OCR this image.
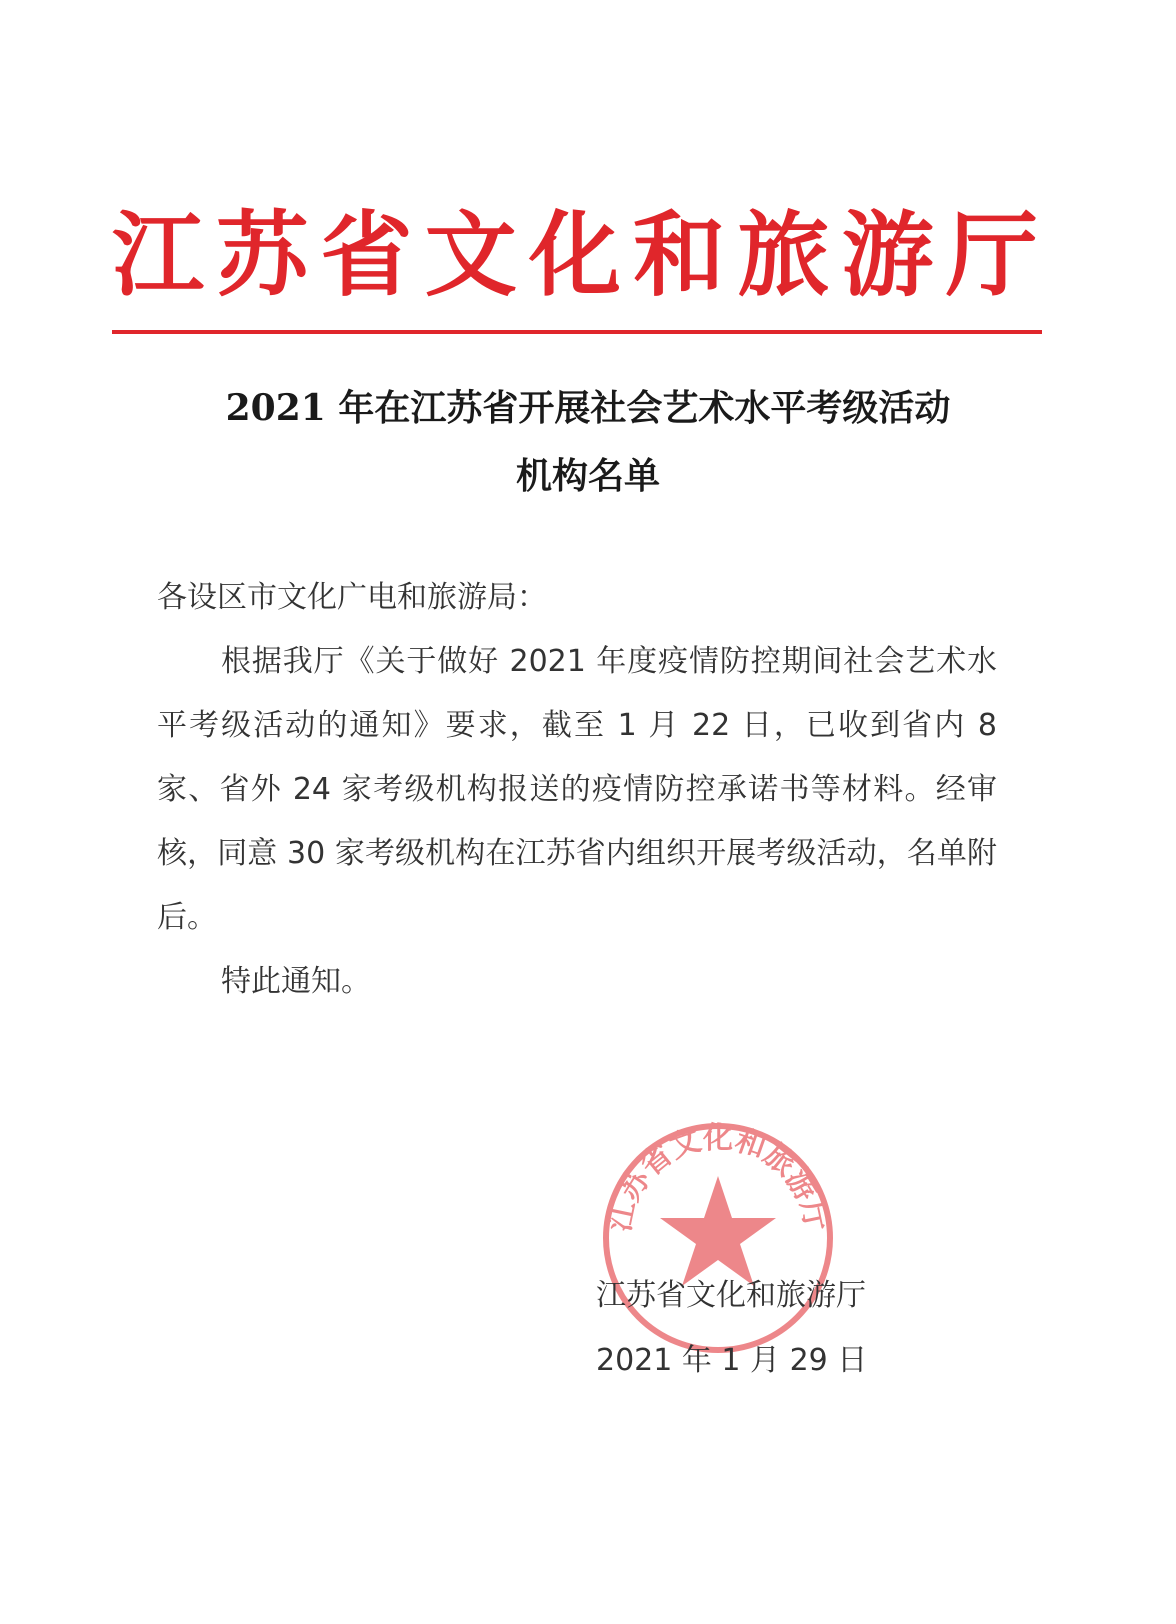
江 苏 省 文 化 和 旅 游 厅
2021 年在江苏省开展社会艺术水平考级活动
机构名单
各设区市文化广电和旅游局：
根据我厅《关于做好 2021 年度疫情防控期间社会艺术水平考级活动的通知》要求，截至 1 月 22 日，已收到省内 8 家、省外 24 家考级机构报送的疫情防控承诺书等材料。经审核，同意 30 家考级机构在江苏省内组织开展考级活动，名单附后。
特此通知。
江苏省文化和旅游厅
江苏省文化和旅游厅
2021 年 1 月 29 日
